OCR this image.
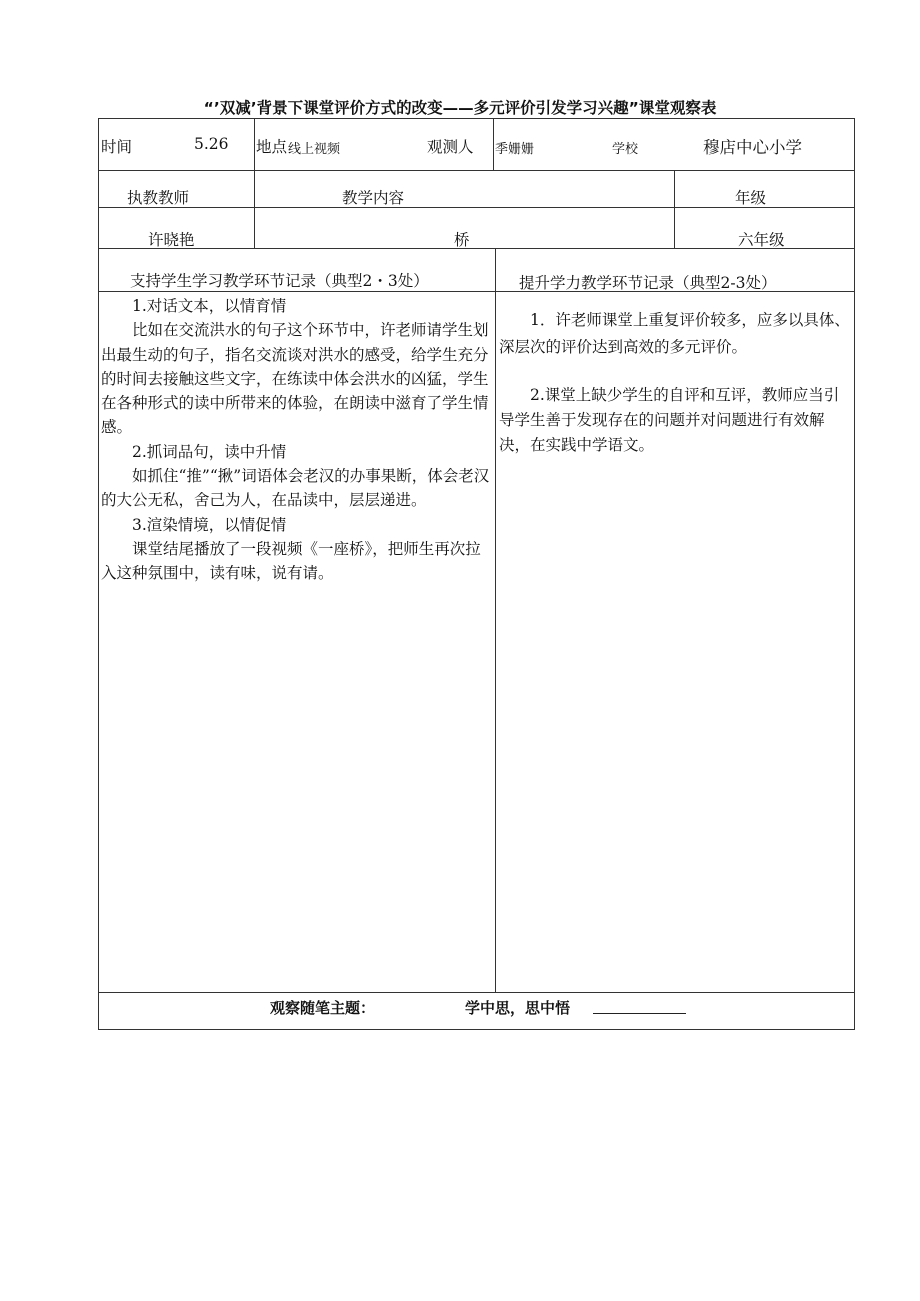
“’双减’背景下课堂评价方式的改变——多元评价引发学习兴趣”课堂观察表
时间	5.26 地点 线上视频	观测人 季姗姗	学校	穆店中心小学
执教教师	教学内容	年级
许晓艳	桥	六年级
支持学生学习教学环节记录（典型2・3处）	提升学力教学环节记录（典型2-3处）

1.对话文本，以情育情

比如在交流洪水的句子这个环节中，许老师请学生划出最生动的句子，指名交流谈对洪水的感受，给学生充分的时间去接触这些文字，在练读中体会洪水的凶猛，学生在各种形式的读中所带来的体验，在朗读中滋育了学生情感。

2.抓词品句，读中升情

如抓住“推”“揪”词语体会老汉的办事果断，体会老汉的大公无私，舍己为人，在品读中，层层递进。

3.渲染情境，以情促情

课堂结尾播放了一段视频《一座桥》，把师生再次拉入这种氛围中，读有味，说有请。

1．许老师课堂上重复评价较多，应多以具体、深层次的评价达到高效的多元评价。

2.课堂上缺少学生的自评和互评，教师应当引导学生善于发现存在的问题并对问题进行有效解决，在实践中学语文。

观察随笔主题：	学中思，思中悟
